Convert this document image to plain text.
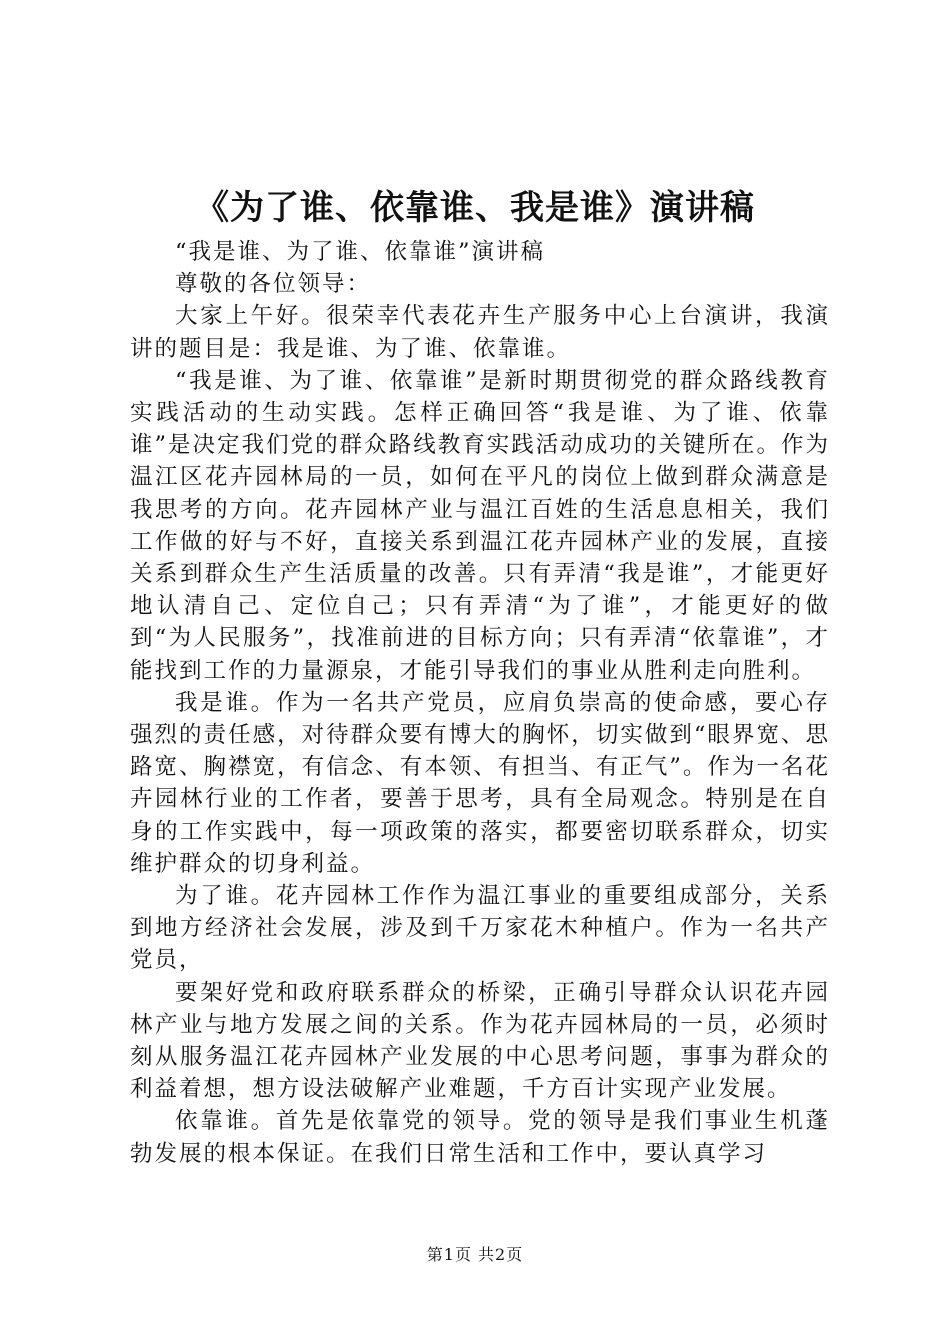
《为了谁、依靠谁、我是谁》演讲稿

“我是谁、为了谁、依靠谁”演讲稿

尊敬的各位领导：

大家上午好。很荣幸代表花卉生产服务中心上台演讲，我演讲的题目是：我是谁、为了谁、依靠谁。

“我是谁、为了谁、依靠谁”是新时期贯彻党的群众路线教育实践活动的生动实践。怎样正确回答“我是谁、为了谁、依靠谁”是决定我们党的群众路线教育实践活动成功的关键所在。作为温江区花卉园林局的一员，如何在平凡的岗位上做到群众满意是我思考的方向。花卉园林产业与温江百姓的生活息息相关，我们工作做的好与不好，直接关系到温江花卉园林产业的发展，直接关系到群众生产生活质量的改善。只有弄清“我是谁”，才能更好地认清自己、定位自己；只有弄清“为了谁”，才能更好的做到“为人民服务”，找准前进的目标方向；只有弄清“依靠谁”，才能找到工作的力量源泉，才能引导我们的事业从胜利走向胜利。

我是谁。作为一名共产党员，应肩负崇高的使命感，要心存强烈的责任感，对待群众要有博大的胸怀，切实做到“眼界宽、思路宽、胸襟宽，有信念、有本领、有担当、有正气”。作为一名花卉园林行业的工作者，要善于思考，具有全局观念。特别是在自身的工作实践中，每一项政策的落实，都要密切联系群众，切实维护群众的切身利益。

为了谁。花卉园林工作作为温江事业的重要组成部分，关系到地方经济社会发展，涉及到千万家花木种植户。作为一名共产党员，

要架好党和政府联系群众的桥梁，正确引导群众认识花卉园林产业与地方发展之间的关系。作为花卉园林局的一员，必须时刻从服务温江花卉园林产业发展的中心思考问题，事事为群众的利益着想，想方设法破解产业难题，千方百计实现产业发展。

依靠谁。首先是依靠党的领导。党的领导是我们事业生机蓬勃发展的根本保证。在我们日常生活和工作中，要认真学习

第1页 共2页
